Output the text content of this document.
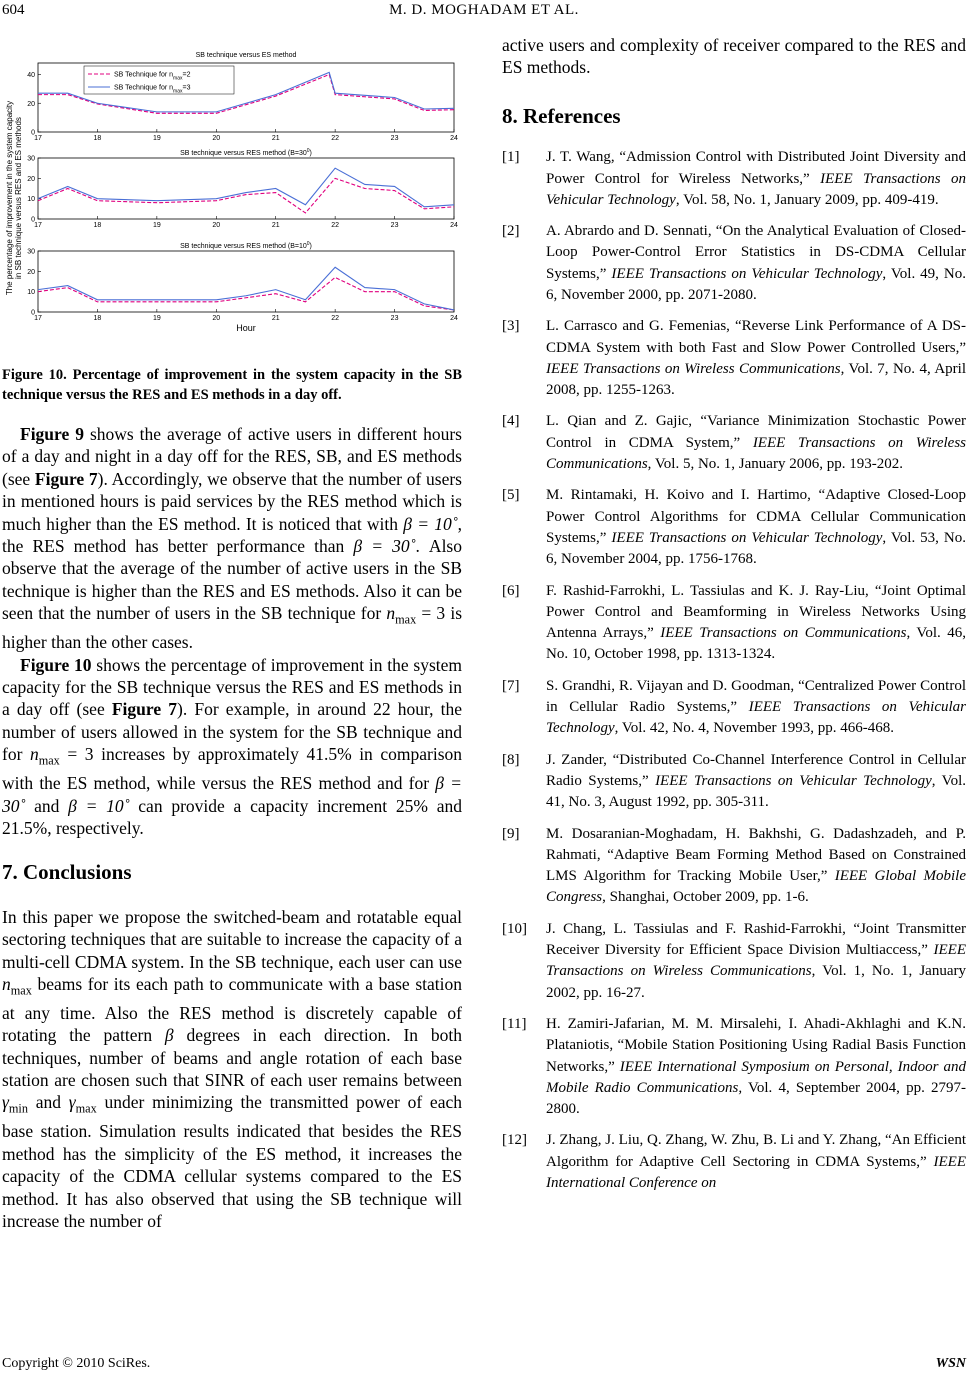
604	M. D. MOGHADAM ET AL.
SB technique versus ES method
17	18	19	20	21	22	23	24
0
20
40	SB Technique for $n_{max}=2$
SB Technique for $n_{max}=3$
SB technique versus RES method $(B=30^0)$
17	18	19	20	21	22	23	24
0
10
20
30
SB technique versus RES method $(B=10^0)$
17	18	19	20	21	22	23	24
0
10
20
30
Hour
The percentage of improvement in the system capacity in SB technique versus RES and ES methods
Figure 10. Percentage of improvement in the system capacity in the SB technique versus the RES and ES methods in a day off.

Figure 9 shows the average of active users in different hours of a day and night in a day off for the RES, SB, and ES methods (see Figure 7). Accordingly, we observe that the number of users in mentioned hours is paid services by the RES method which is much higher than the ES method. It is noticed that with β = 10˚, the RES method has better performance than β = 30˚. Also observe that the average of the number of active users in the SB technique is higher than the RES and ES methods. Also it can be seen that the number of users in the SB technique for $n_{max} = 3$ is higher than the other cases.

Figure 10 shows the percentage of improvement in the system capacity for the SB technique versus the RES and ES methods in a day off (see Figure 7). For example, in around 22 hour, the number of users allowed in the system for the SB technique and for $n_{max} = 3$ increases by approximately 41.5% in comparison with the ES method, while versus the RES method and for β = 30˚ and β = 10˚ can provide a capacity increment 25% and 21.5%, respectively.

7. Conclusions

In this paper we propose the switched-beam and rotatable equal sectoring techniques that are suitable to increase the capacity of a multi-cell CDMA system. In the SB technique, each user can use $n_{max}$ beams for its each path to communicate with a base station at any time. Also the RES method is discretely capable of rotating the pattern β degrees in each direction. In both techniques, number of beams and angle rotation of each base station are chosen such that SINR of each user remains between $\gamma_{min}$ and $\gamma_{max}$ under minimizing the transmitted power of each base station. Simulation results indicated that besides the RES method has the simplicity of the ES method, it increases the capacity of the CDMA cellular systems compared to the ES method. It has also observed that using the SB technique will increase the number of

active users and complexity of receiver compared to the RES and ES methods.

8. References
[1] J. T. Wang, “Admission Control with Distributed Joint Diversity and Power Control for Wireless Networks,” IEEE Transactions on Vehicular Technology, Vol. 58, No. 1, January 2009, pp. 409-419.
[2] A. Abrardo and D. Sennati, “On the Analytical Evaluation of Closed-Loop Power-Control Error Statistics in DS-CDMA Cellular Systems,” IEEE Transactions on Vehicular Technology, Vol. 49, No. 6, November 2000, pp. 2071-2080.
[3] L. Carrasco and G. Femenias, “Reverse Link Performance of A DS-CDMA System with both Fast and Slow Power Controlled Users,” IEEE Transactions on Wireless Communications, Vol. 7, No. 4, April 2008, pp. 1255-1263.
[4] L. Qian and Z. Gajic, “Variance Minimization Stochastic Power Control in CDMA System,” IEEE Transactions on Wireless Communications, Vol. 5, No. 1, January 2006, pp. 193-202.
[5] M. Rintamaki, H. Koivo and I. Hartimo, “Adaptive Closed-Loop Power Control Algorithms for CDMA Cellular Communication Systems,” IEEE Transactions on Vehicular Technology, Vol. 53, No. 6, November 2004, pp. 1756-1768.
[6] F. Rashid-Farrokhi, L. Tassiulas and K. J. Ray-Liu, “Joint Optimal Power Control and Beamforming in Wireless Networks Using Antenna Arrays,” IEEE Transactions on Communications, Vol. 46, No. 10, October 1998, pp. 1313-1324.
[7] S. Grandhi, R. Vijayan and D. Goodman, “Centralized Power Control in Cellular Radio Systems,” IEEE Transactions on Vehicular Technology, Vol. 42, No. 4, November 1993, pp. 466-468.
[8] J. Zander, “Distributed Co-Channel Interference Control in Cellular Radio Systems,” IEEE Transactions on Vehicular Technology, Vol. 41, No. 3, August 1992, pp. 305-311.
[9] M. Dosaranian-Moghadam, H. Bakhshi, G. Dadashzadeh, and P. Rahmati, “Adaptive Beam Forming Method Based on Constrained LMS Algorithm for Tracking Mobile User,” IEEE Global Mobile Congress, Shanghai, October 2009, pp. 1-6.
[10] J. Chang, L. Tassiulas and F. Rashid-Farrokhi, “Joint Transmitter Receiver Diversity for Efficient Space Division Multiaccess,” IEEE Transactions on Wireless Communications, Vol. 1, No. 1, January 2002, pp. 16-27.
[11] H. Zamiri-Jafarian, M. M. Mirsalehi, I. Ahadi-Akhlaghi and K.N. Plataniotis, “Mobile Station Positioning Using Radial Basis Function Networks,” IEEE International Symposium on Personal, Indoor and Mobile Radio Communications, Vol. 4, September 2004, pp. 2797-2800.
[12] J. Zhang, J. Liu, Q. Zhang, W. Zhu, B. Li and Y. Zhang, “An Efficient Algorithm for Adaptive Cell Sectoring in CDMA Systems,” IEEE International Conference on
Copyright © 2010 SciRes.	WSN
